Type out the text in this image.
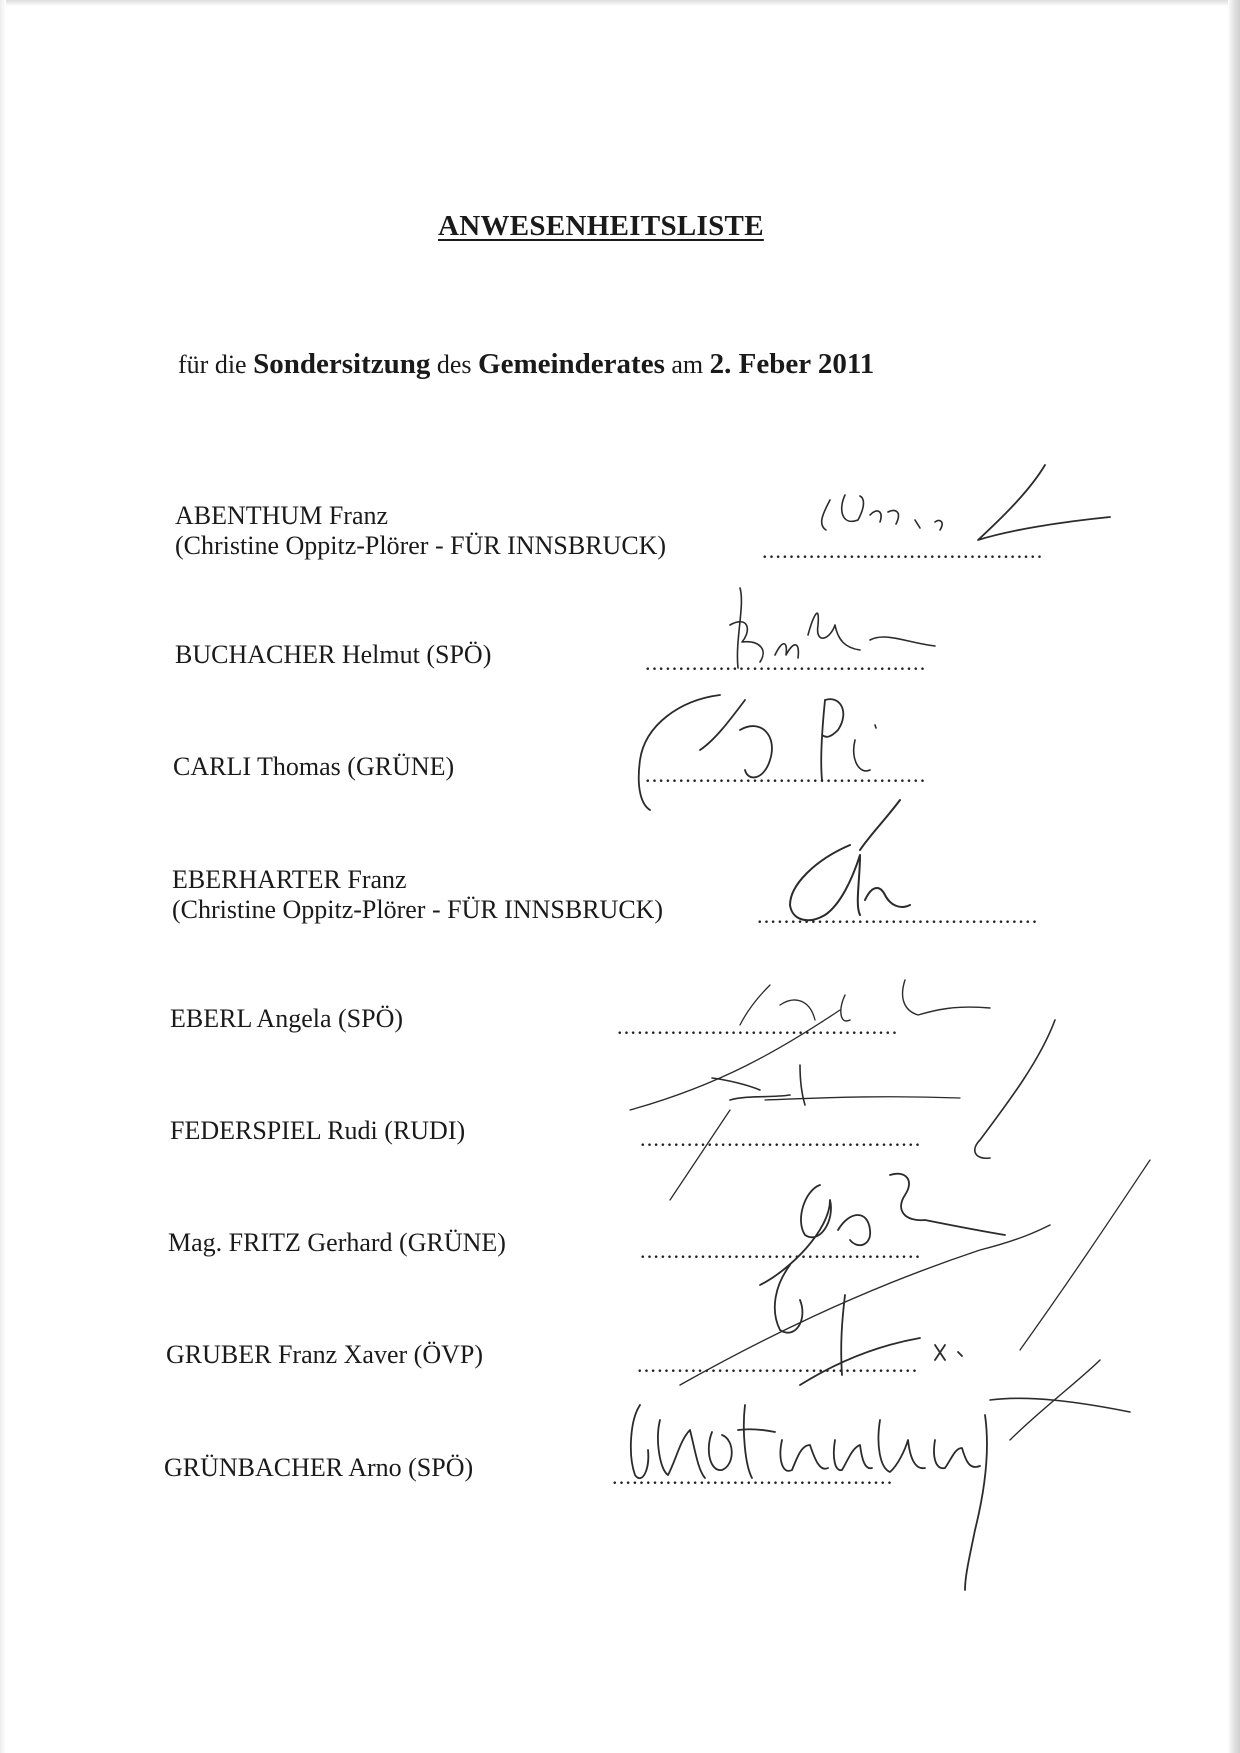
ANWESENHEITSLISTE
für die Sondersitzung des Gemeinderates am 2. Feber 2011
ABENTHUM Franz
(Christine Oppitz-Plörer - FÜR INNSBRUCK)	..........................................
BUCHACHER Helmut (SPÖ)	..........................................
CARLI Thomas (GRÜNE)	..........................................
EBERHARTER Franz
(Christine Oppitz-Plörer - FÜR INNSBRUCK)	..........................................
EBERL Angela (SPÖ)	..........................................
FEDERSPIEL Rudi (RUDI)	..........................................
Mag. FRITZ Gerhard (GRÜNE)	..........................................
GRUBER Franz Xaver (ÖVP)	..........................................
GRÜNBACHER Arno (SPÖ)	..........................................
